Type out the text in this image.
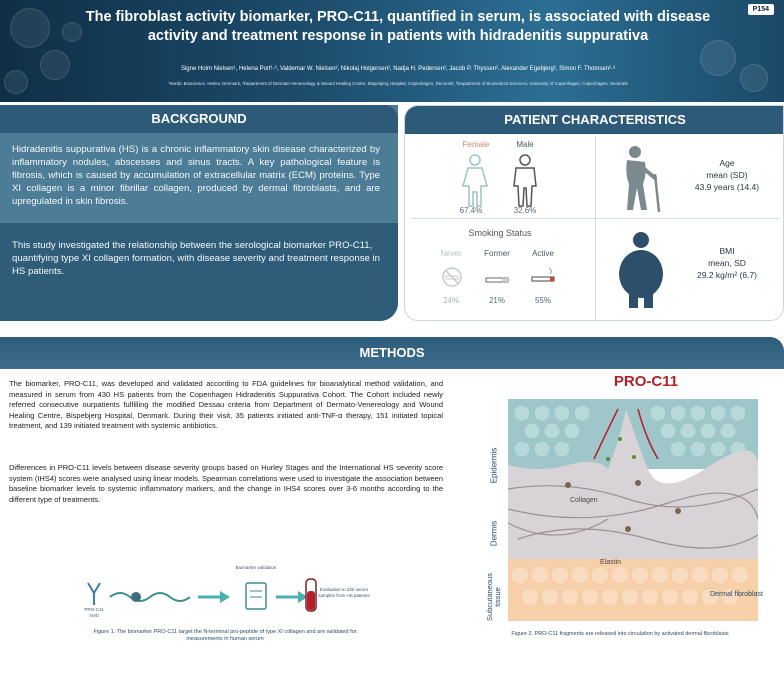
P154
The fibroblast activity biomarker, PRO-C11, quantified in serum, is associated with disease activity and treatment response in patients with hidradenitis suppurativa
Signe Holm Nielsen¹, Helena Port¹·², Valdemar W. Nielsen², Nikolaj Holgersen², Nadja H. Pedersen², Jacob P. Thyssen², Alexander Egebjerg², Simon F. Thomsen²·³
¹Nordic Bioscience, Herlev, Denmark, ²Department of Dermato-Venereology & Wound Healing Centre, Bispebjerg Hospital, Copenhagen, Denmark, ³Department of Biomedical Sciences, University of Copenhagen, Copenhagen, Denmark
BACKGROUND
Hidradenitis suppurativa (HS) is a chronic inflammatory skin disease characterized by inflammatory nodules, abscesses and sinus tracts. A key pathological feature is fibrosis, which is caused by accumulation of extracellular matrix (ECM) proteins. Type XI collagen is a minor fibrillar collagen, produced by dermal fibroblasts, and are upregulated in skin fibrosis.
This study investigated the relationship between the serological biomarker PRO-C11, quantifying type XI collagen formation, with disease severity and treatment response in HS patients.
PATIENT CHARACTERISTICS
Female	Male
67.4%	32.6%
Age
mean (SD)
43.9 years (14.4)
Smoking Status
Never	Former	Active
24%	21%	55%
BMI
mean, SD
29.2 kg/m² (6.7)
METHODS
The biomarker, PRO-C11, was developed and validated according to FDA guidelines for bioanalytical method validation, and measured in serum from 430 HS patients from the Copenhagen Hidradenitis Suppurativa Cohort. The Cohort included newly referred consecutive ourpatients fulfilling the modified Dessau criteria from Department of Dermato-Venereology and Wound Healing Centre, Bispebjerg Hospital, Denmark. During their visit, 35 patients initiated anti-TNF-α therapy, 151 initiated topical treatment, and 139 initiated treatment with systemic antibiotics.
Differences in PRO-C11 levels between disease severity groups based on Hurley Stages and the International HS severity score system (IHS4) scores were analysed using linear models. Spearman correlations were used to investigate the association between baseline biomarker levels to systemic inflammatory markers, and the change in IHS4 scores over 3-6 months according to the different type of treatments.
PRO-C11 mAb
Biomarker validation
Evaluation in 430 serum samples from HS patients
Figure 1. The biomarker PRO-C11 target the N-terminal pro-peptide of type XI collagen and are validated for measurements in human serum
PRO-C11
Epidermis
Dermis
Subcutaneous tissue
Collagen
Elastin
Dermal fibroblast
Figure 2. PRO-C11 fragments are released into circulation by activated dermal fibroblasts
